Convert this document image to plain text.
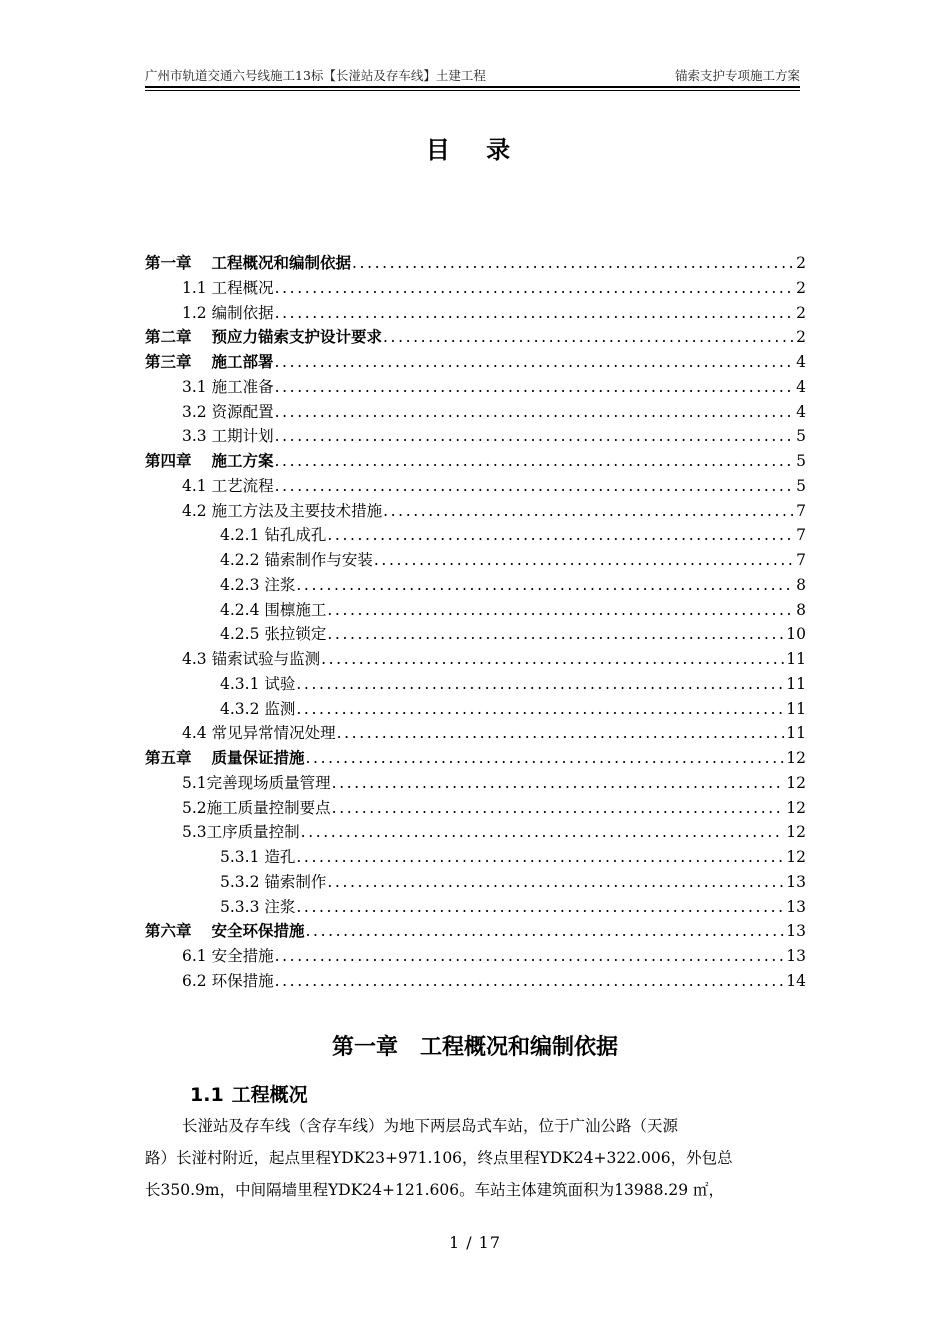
广州市轨道交通六号线施工13标【长湴站及存车线】土建工程	锚索支护专项施工方案
目 录
第一章 工程概况和编制依据 .....	2
1.1 工程概况 .....	2
1.2 编制依据 .....	2
第二章 预应力锚索支护设计要求 .....	2
第三章 施工部署 .....	4
3.1 施工准备 .....	4
3.2 资源配置 .....	4
3.3 工期计划 .....	5
第四章 施工方案 .....	5
4.1 工艺流程 .....	5
4.2 施工方法及主要技术措施 .....	7
4.2.1 钻孔成孔 .....	7
4.2.2 锚索制作与安装 .....	7
4.2.3 注浆 .....	8
4.2.4 围檩施工 .....	8
4.2.5 张拉锁定 .....	10
4.3 锚索试验与监测 .....	11
4.3.1 试验 .....	11
4.3.2 监测 .....	11
4.4 常见异常情况处理 .....	11
第五章 质量保证措施 .....	12
5.1完善现场质量管理 .....	12
5.2施工质量控制要点 .....	12
5.3工序质量控制 .....	12
5.3.1 造孔 .....	12
5.3.2 锚索制作 .....	13
5.3.3 注浆 .....	13
第六章 安全环保措施 .....	13
6.1 安全措施 .....	13
6.2 环保措施 .....	14
第一章 工程概况和编制依据
1.1 工程概况
长湴站及存车线（含存车线）为地下两层岛式车站，位于广汕公路（天源
路）长湴村附近，起点里程YDK23+971.106，终点里程YDK24+322.006，外包总
长350.9m，中间隔墙里程YDK24+121.606。车站主体建筑面积为13988.29 ㎡，
1 / 17
